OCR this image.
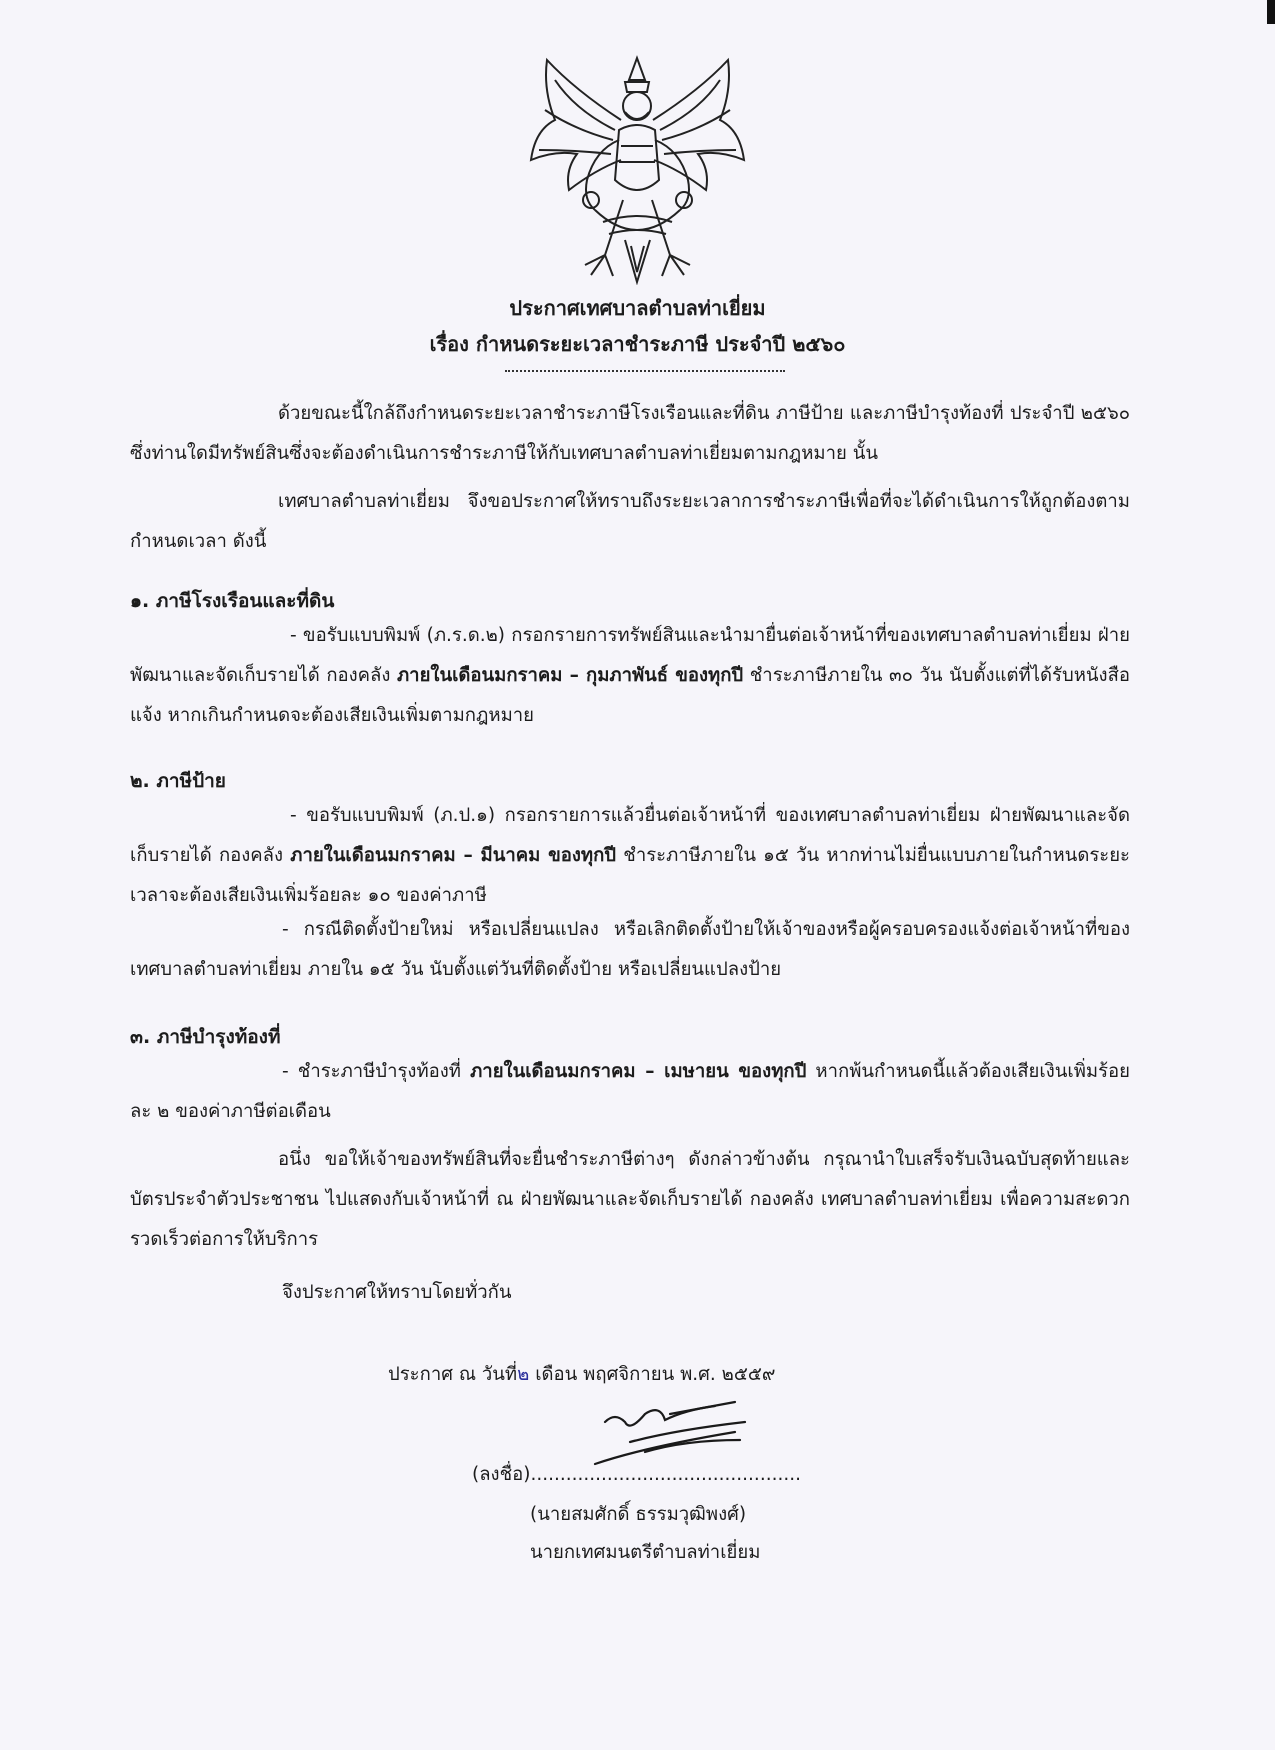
ประกาศเทศบาลตำบลท่าเยี่ยม
เรื่อง กำหนดระยะเวลาชำระภาษี ประจำปี ๒๕๖๐
ด้วยขณะนี้ใกล้ถึงกำหนดระยะเวลาชำระภาษีโรงเรือนและที่ดิน ภาษีป้าย และภาษีบำรุงท้องที่ ประจำปี ๒๕๖๐ ซึ่งท่านใดมีทรัพย์สินซึ่งจะต้องดำเนินการชำระภาษีให้กับเทศบาลตำบลท่าเยี่ยมตามกฎหมาย นั้น
เทศบาลตำบลท่าเยี่ยม จึงขอประกาศให้ทราบถึงระยะเวลาการชำระภาษีเพื่อที่จะได้ดำเนินการให้ถูกต้องตามกำหนดเวลา ดังนี้
๑. ภาษีโรงเรือนและที่ดิน
- ขอรับแบบพิมพ์ (ภ.ร.ด.๒) กรอกรายการทรัพย์สินและนำมายื่นต่อเจ้าหน้าที่ของเทศบาลตำบลท่าเยี่ยม ฝ่ายพัฒนาและจัดเก็บรายได้ กองคลัง ภายในเดือนมกราคม – กุมภาพันธ์ ของทุกปี ชำระภาษีภายใน ๓๐ วัน นับตั้งแต่ที่ได้รับหนังสือแจ้ง หากเกินกำหนดจะต้องเสียเงินเพิ่มตามกฎหมาย
๒. ภาษีป้าย
- ขอรับแบบพิมพ์ (ภ.ป.๑) กรอกรายการแล้วยื่นต่อเจ้าหน้าที่ ของเทศบาลตำบลท่าเยี่ยม ฝ่ายพัฒนาและจัดเก็บรายได้ กองคลัง ภายในเดือนมกราคม – มีนาคม ของทุกปี ชำระภาษีภายใน ๑๕ วัน หากท่านไม่ยื่นแบบภายในกำหนดระยะเวลาจะต้องเสียเงินเพิ่มร้อยละ ๑๐ ของค่าภาษี
- กรณีติดตั้งป้ายใหม่ หรือเปลี่ยนแปลง หรือเลิกติดตั้งป้ายให้เจ้าของหรือผู้ครอบครองแจ้งต่อเจ้าหน้าที่ของเทศบาลตำบลท่าเยี่ยม ภายใน ๑๕ วัน นับตั้งแต่วันที่ติดตั้งป้าย หรือเปลี่ยนแปลงป้าย
๓. ภาษีบำรุงท้องที่
- ชำระภาษีบำรุงท้องที่ ภายในเดือนมกราคม – เมษายน ของทุกปี หากพ้นกำหนดนี้แล้วต้องเสียเงินเพิ่มร้อยละ ๒ ของค่าภาษีต่อเดือน
อนึ่ง ขอให้เจ้าของทรัพย์สินที่จะยื่นชำระภาษีต่างๆ ดังกล่าวข้างต้น กรุณานำใบเสร็จรับเงินฉบับสุดท้ายและบัตรประจำตัวประชาชน ไปแสดงกับเจ้าหน้าที่ ณ ฝ่ายพัฒนาและจัดเก็บรายได้ กองคลัง เทศบาลตำบลท่าเยี่ยม เพื่อความสะดวกรวดเร็วต่อการให้บริการ
จึงประกาศให้ทราบโดยทั่วกัน
ประกาศ ณ วันที่๒ เดือน พฤศจิกายน พ.ศ. ๒๕๕๙
(ลงชื่อ)..............................................
(นายสมศักดิ์ ธรรมวุฒิพงศ์)
นายกเทศมนตรีตำบลท่าเยี่ยม
